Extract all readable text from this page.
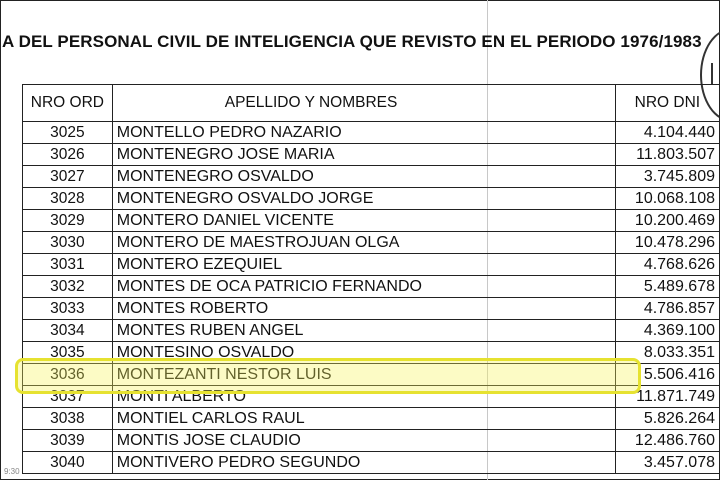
A DEL PERSONAL CIVIL DE INTELIGENCIA QUE REVISTO EN EL PERIODO 1976/1983
NRO ORD	APELLIDO Y NOMBRES	NRO DNI
3025	MONTELLO PEDRO NAZARIO	4.104.440
3026	MONTENEGRO JOSE MARIA	11.803.507
3027	MONTENEGRO OSVALDO	3.745.809
3028	MONTENEGRO OSVALDO JORGE	10.068.108
3029	MONTERO DANIEL VICENTE	10.200.469
3030	MONTERO DE MAESTROJUAN OLGA	10.478.296
3031	MONTERO EZEQUIEL	4.768.626
3032	MONTES DE OCA PATRICIO FERNANDO	5.489.678
3033	MONTES ROBERTO	4.786.857
3034	MONTES RUBEN ANGEL	4.369.100
3035	MONTESINO OSVALDO	8.033.351
3036	MONTEZANTI NESTOR LUIS	5.506.416
3037	MONTI ALBERTO	11.871.749
3038	MONTIEL CARLOS RAUL	5.826.264
3039	MONTIS JOSE CLAUDIO	12.486.760
3040	MONTIVERO PEDRO SEGUNDO	3.457.078
9:30
